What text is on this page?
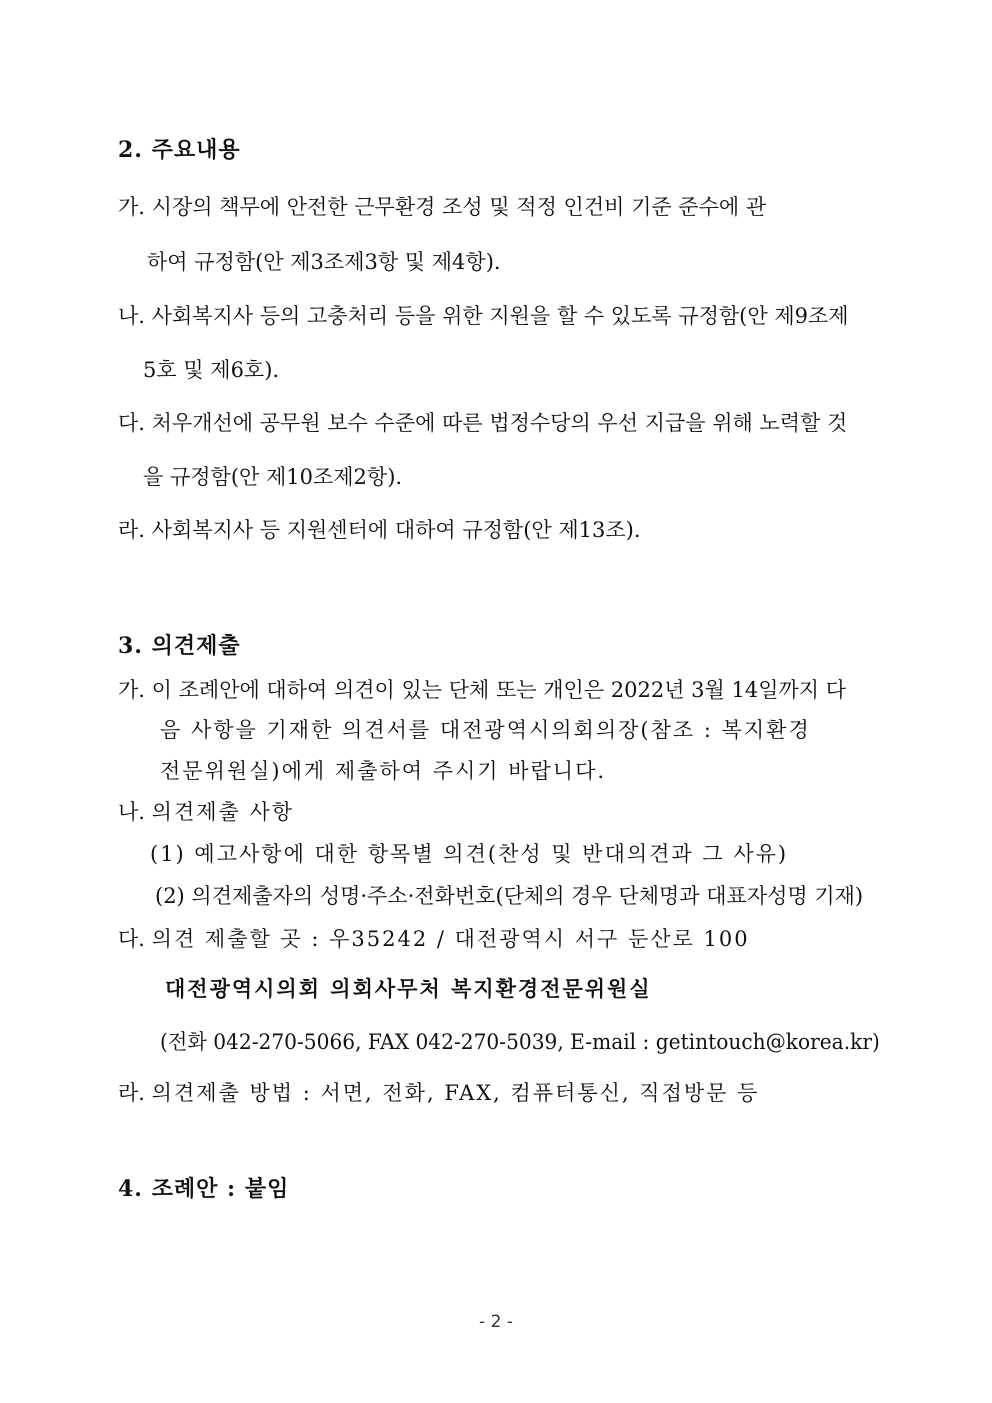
2. 주요내용
가. 시장의 책무에 안전한 근무환경 조성 및 적정 인건비 기준 준수에 관
하여 규정함(안 제3조제3항 및 제4항).
나. 사회복지사 등의 고충처리 등을 위한 지원을 할 수 있도록 규정함(안 제9조제
5호 및 제6호).
다. 처우개선에 공무원 보수 수준에 따른 법정수당의 우선 지급을 위해 노력할 것
을 규정함(안 제10조제2항).
라. 사회복지사 등 지원센터에 대하여 규정함(안 제13조).
3. 의견제출
가. 이 조례안에 대하여 의견이 있는 단체 또는 개인은 2022년 3월 14일까지 다
음 사항을 기재한 의견서를 대전광역시의회의장(참조 : 복지환경
전문위원실)에게 제출하여 주시기 바랍니다.
나. 의견제출 사항
(1) 예고사항에 대한 항목별 의견(찬성 및 반대의견과 그 사유)
(2) 의견제출자의 성명·주소·전화번호(단체의 경우 단체명과 대표자성명 기재)
다. 의견 제출할 곳 : 우35242 / 대전광역시 서구 둔산로 100
대전광역시의회 의회사무처 복지환경전문위원실
(전화 042-270-5066, FAX 042-270-5039, E-mail : getintouch@korea.kr)
라. 의견제출 방법 : 서면, 전화, FAX, 컴퓨터통신, 직접방문 등
4. 조례안 : 붙임
- 2 -
